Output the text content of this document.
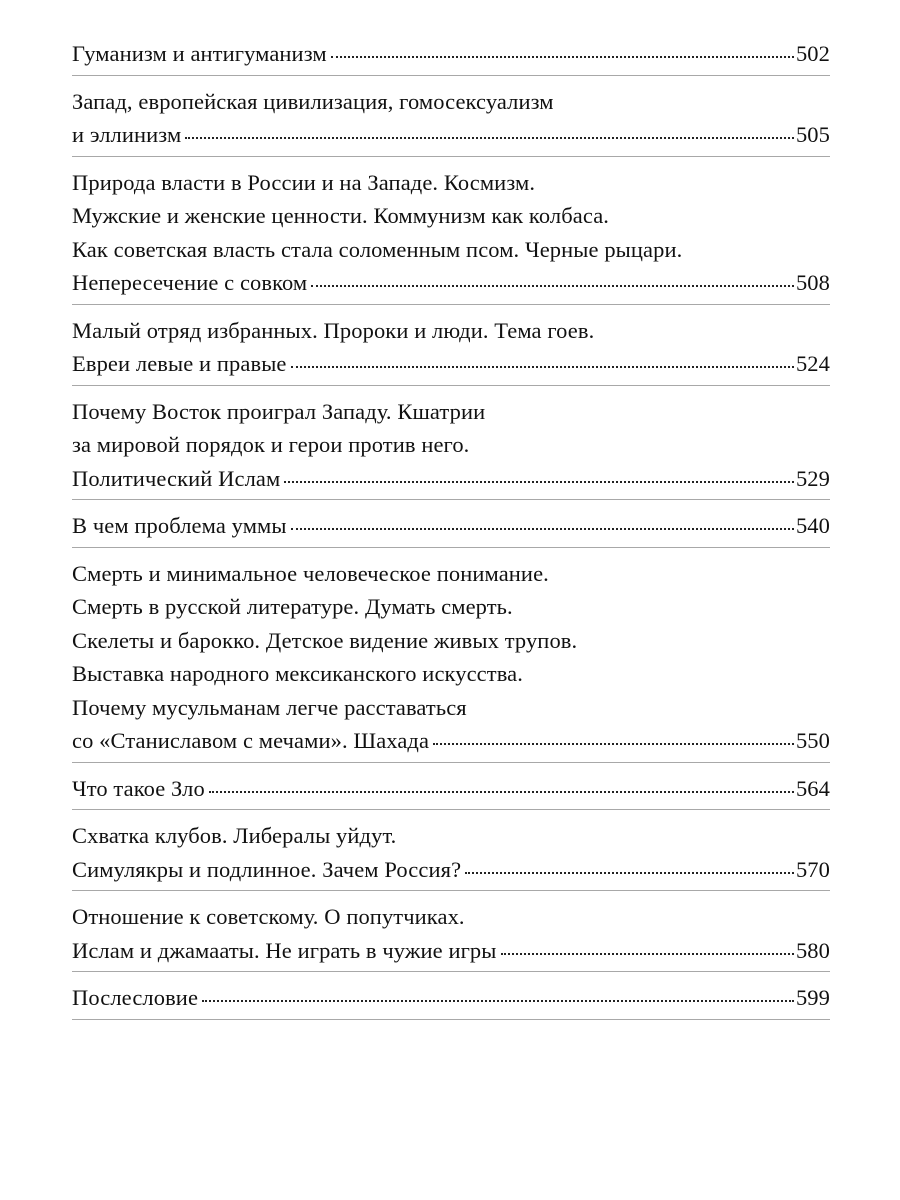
Гуманизм и антигуманизм	502
Запад, европейская цивилизация, гомосексуализм
и эллинизм	505
Природа власти в России и на Западе. Космизм.
Мужские и женские ценности. Коммунизм как колбаса.
Как советская власть стала соломенным псом. Черные рыцари.
Непересечение с совком	508
Малый отряд избранных. Пророки и люди. Тема гоев.
Евреи левые и правые	524
Почему Восток проиграл Западу. Кшатрии
за мировой порядок и герои против него.
Политический Ислам	529
В чем проблема уммы	540
Смерть и минимальное человеческое понимание.
Смерть в русской литературе. Думать смерть.
Скелеты и барокко. Детское видение живых трупов.
Выставка народного мексиканского искусства.
Почему мусульманам легче расставаться
со «Станиславом с мечами». Шахада	550
Что такое Зло	564
Схватка клубов. Либералы уйдут.
Симулякры и подлинное. Зачем Россия?	570
Отношение к советскому. О попутчиках.
Ислам и джамааты. Не играть в чужие игры	580
Послесловие	599
